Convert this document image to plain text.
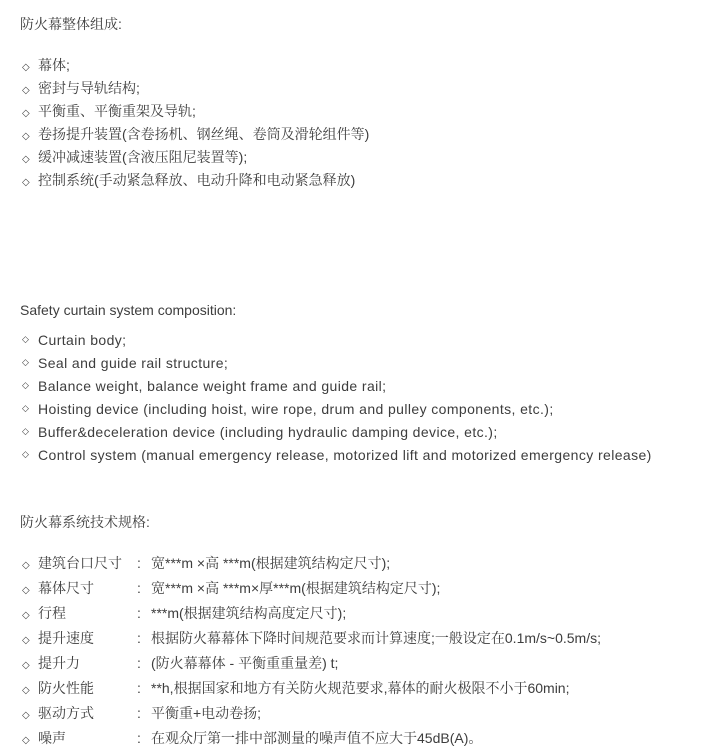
防火幕整体组成:
◇ 幕体;
◇ 密封与导轨结构;
◇ 平衡重、平衡重架及导轨;
◇ 卷扬提升装置(含卷扬机、钢丝绳、卷筒及滑轮组件等)
◇ 缓冲减速装置(含液压阻尼装置等);
◇ 控制系统(手动紧急释放、电动升降和电动紧急释放)
Safety curtain system composition:
◇ Curtain body;
◇ Seal and guide rail structure;
◇ Balance weight, balance weight frame and guide rail;
◇ Hoisting device (including hoist, wire rope, drum and pulley components, etc.);
◇ Buffer&deceleration device (including hydraulic damping device, etc.);
◇ Control system (manual emergency release, motorized lift and motorized emergency release)
防火幕系统技术规格:
◇ 建筑台口尺寸	: 宽***m ×高 ***m(根据建筑结构定尺寸);
◇ 幕体尺寸	: 宽***m ×高 ***m×厚***m(根据建筑结构定尺寸);
◇ 行程	: ***m(根据建筑结构高度定尺寸);
◇ 提升速度	: 根据防火幕幕体下降时间规范要求而计算速度;一般设定在0.1m/s~0.5m/s;
◇ 提升力	: (防火幕幕体 - 平衡重重量差) t;
◇ 防火性能	: **h,根据国家和地方有关防火规范要求,幕体的耐火极限不小于60min;
◇ 驱动方式	: 平衡重+电动卷扬;
◇ 噪声	: 在观众厅第一排中部测量的噪声值不应大于45dB(A)。
